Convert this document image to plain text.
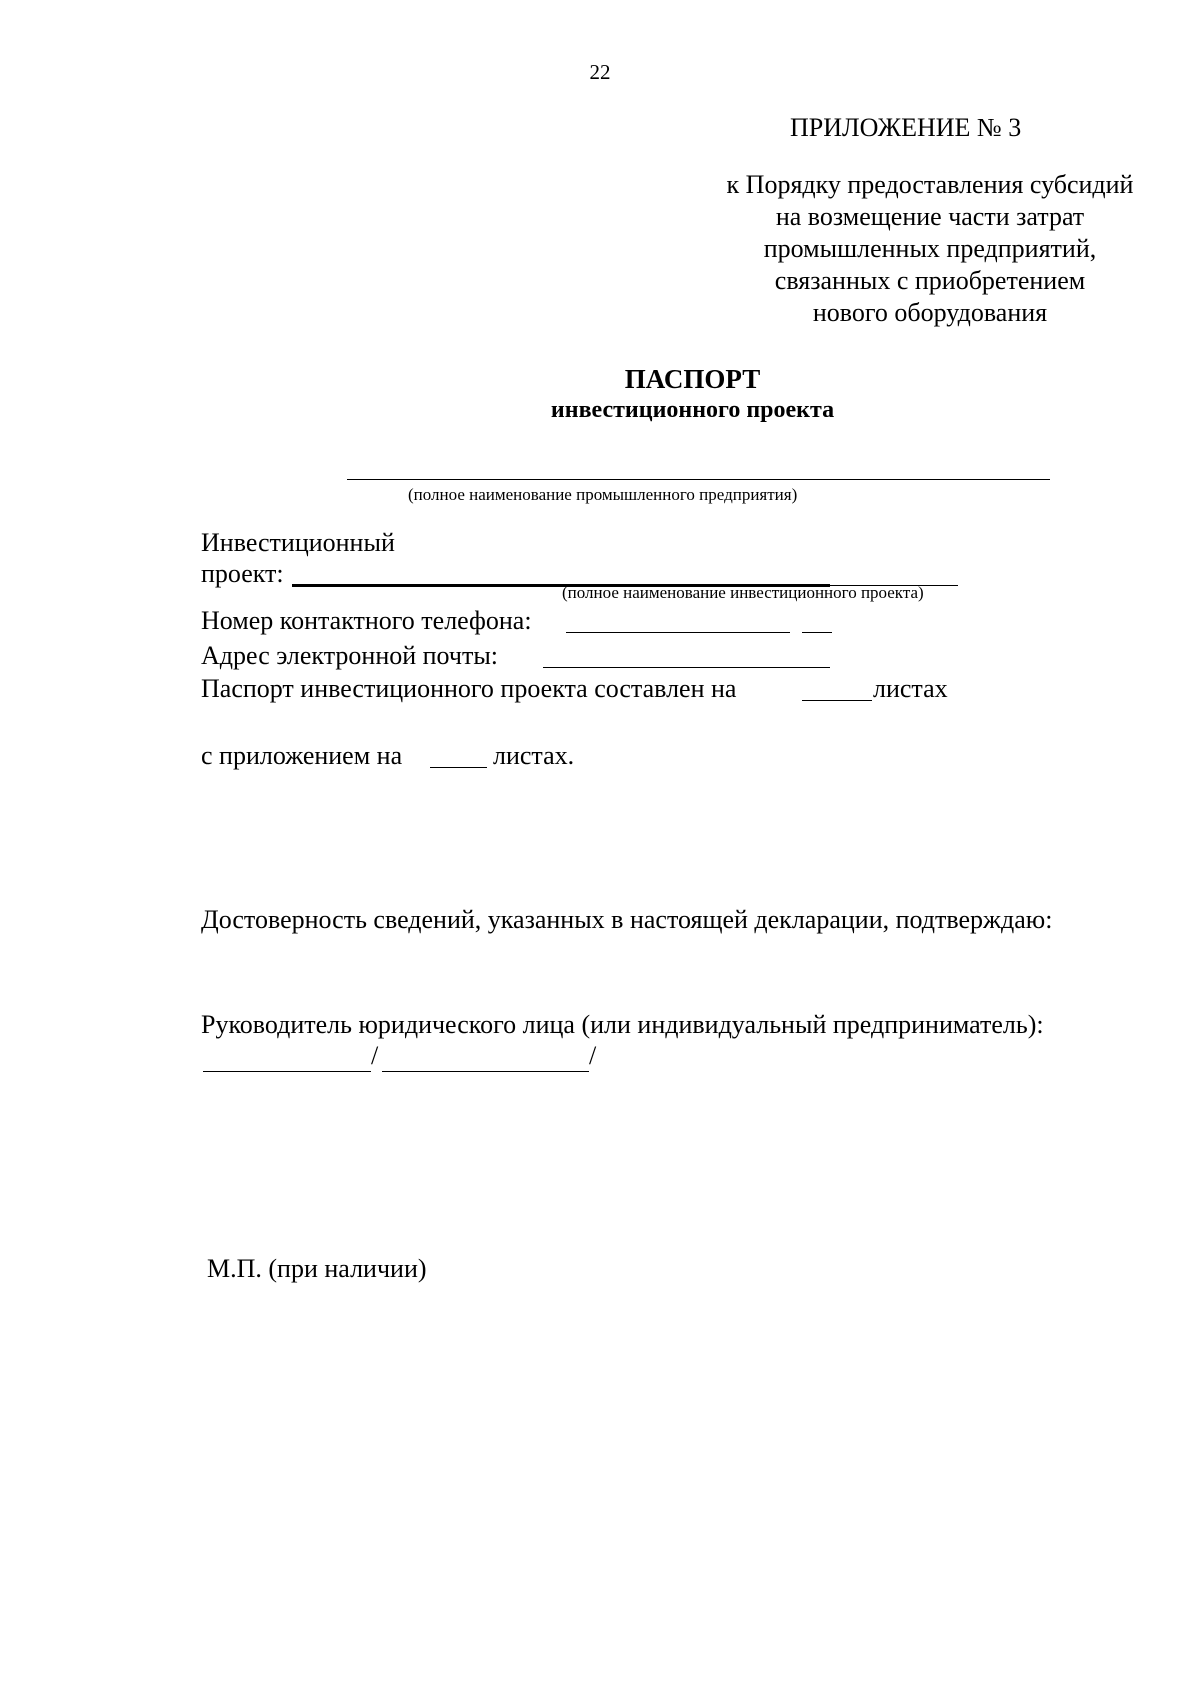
22
ПРИЛОЖЕНИЕ № 3
к Порядку предоставления субсидий
на возмещение части затрат
промышленных предприятий,
связанных с приобретением
нового оборудования
ПАСПОРТ
инвестиционного проекта
(полное наименование промышленного предприятия)
Инвестиционный
проект:
(полное наименование инвестиционного проекта)
Номер контактного телефона:
Адрес электронной почты:
Паспорт инвестиционного проекта составлен на	листах
с приложением на	листах.
Достоверность сведений, указанных в настоящей декларации, подтверждаю:
Руководитель юридического лица (или индивидуальный предприниматель):
/	/
М.П. (при наличии)
